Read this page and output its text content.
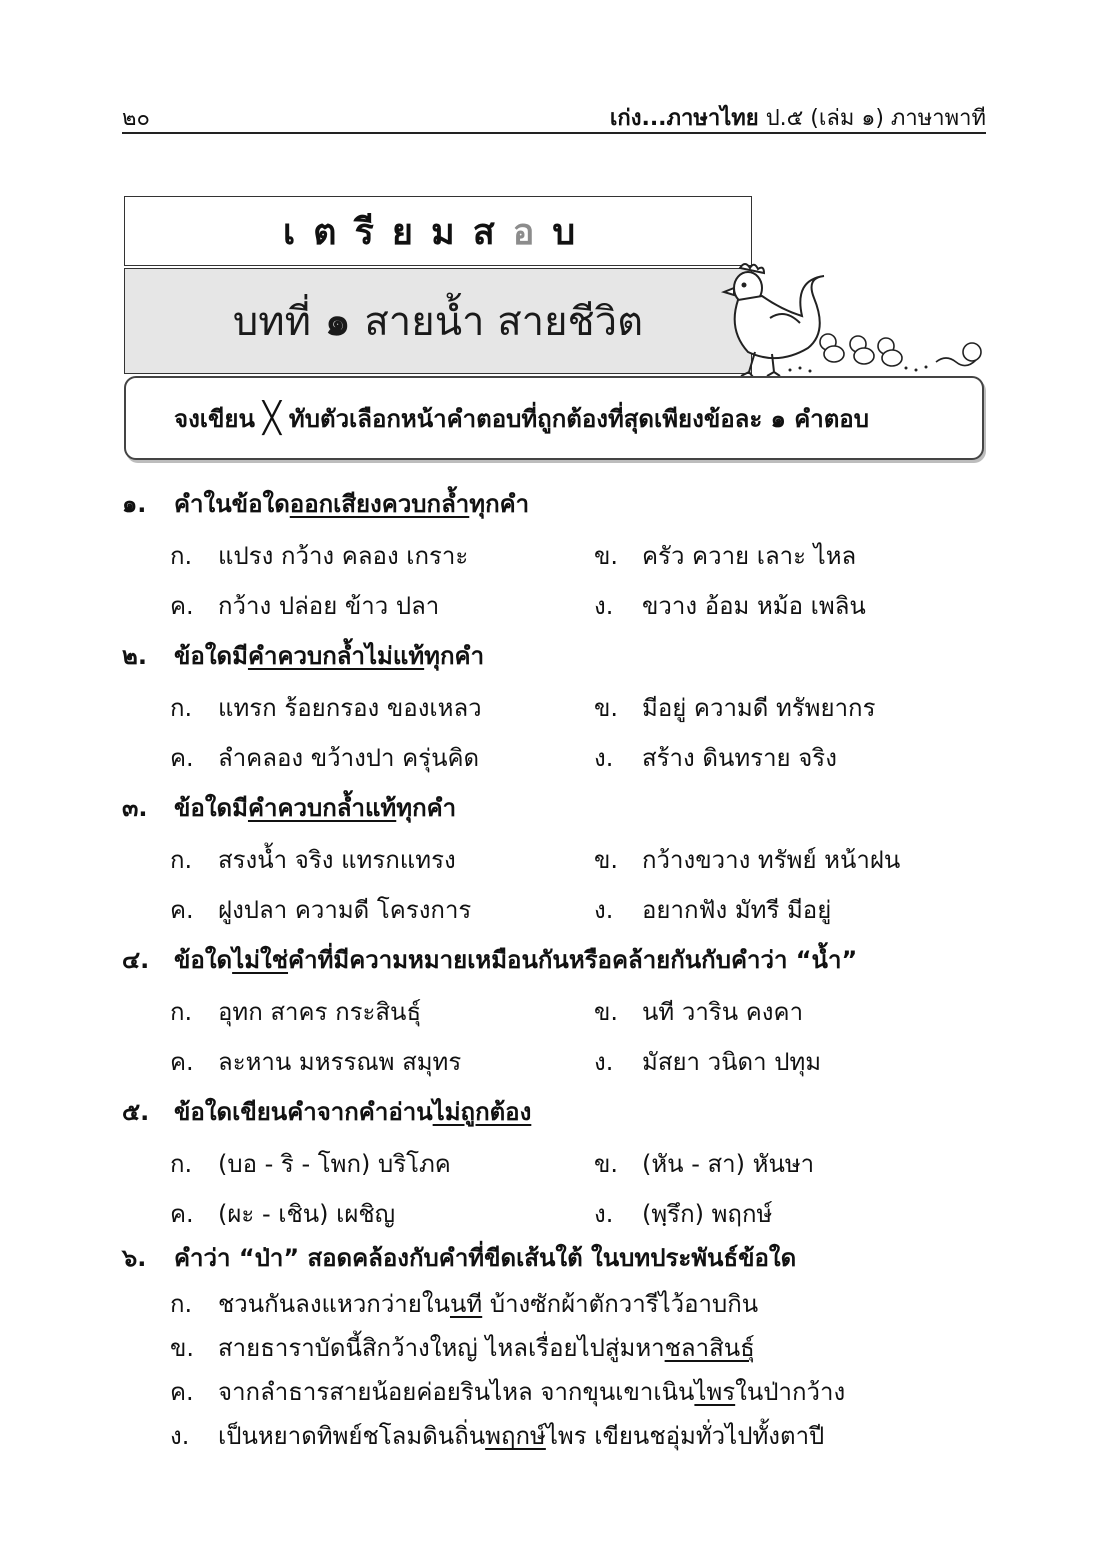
๒๐	เก่ง...ภาษาไทย ป.๕ (เล่ม ๑) ภาษาพาที
เ ต รี ย ม ส อ บ
บทที่ ๑ สายน้ำ สายชีวิต
จงเขียน ╳ ทับตัวเลือกหน้าคำตอบที่ถูกต้องที่สุดเพียงข้อละ ๑ คำตอบ
๑. คำในข้อใดออกเสียงควบกล้ำทุกคำ
ก. แปรง กว้าง คลอง เกราะ	ข. ครัว ควาย เลาะ ไหล
ค. กว้าง ปล่อย ข้าว ปลา	ง. ขวาง อ้อม หม้อ เพลิน
๒. ข้อใดมีคำควบกล้ำไม่แท้ทุกคำ
ก. แทรก ร้อยกรอง ของเหลว	ข. มีอยู่ ความดี ทรัพยากร
ค. ลำคลอง ขว้างปา ครุ่นคิด	ง. สร้าง ดินทราย จริง
๓. ข้อใดมีคำควบกล้ำแท้ทุกคำ
ก. สรงน้ำ จริง แทรกแทรง	ข. กว้างขวาง ทรัพย์ หน้าฝน
ค. ฝูงปลา ความดี โครงการ	ง. อยากฟัง มัทรี มีอยู่
๔. ข้อใดไม่ใช่คำที่มีความหมายเหมือนกันหรือคล้ายกันกับคำว่า “น้ำ”
ก. อุทก สาคร กระสินธุ์	ข. นที วาริน คงคา
ค. ละหาน มหรรณพ สมุทร	ง. มัสยา วนิดา ปทุม
๕. ข้อใดเขียนคำจากคำอ่านไม่ถูกต้อง
ก. (บอ - ริ - โพก) บริโภค	ข. (หัน - สา) หันษา
ค. (ผะ - เชิน) เผชิญ	ง. (พฺรึก) พฤกษ์
๖. คำว่า “ป่า” สอดคล้องกับคำที่ขีดเส้นใต้ ในบทประพันธ์ข้อใด
ก. ชวนกันลงแหวกว่ายในนที บ้างซักผ้าตักวารีไว้อาบกิน
ข. สายธาราบัดนี้สิกว้างใหญ่ ไหลเรื่อยไปสู่มหาชลาสินธุ์
ค. จากลำธารสายน้อยค่อยรินไหล จากขุนเขาเนินไพรในป่ากว้าง
ง. เป็นหยาดทิพย์ชโลมดินถิ่นพฤกษ์ไพร เขียนชอุ่มทั่วไปทั้งตาปี
